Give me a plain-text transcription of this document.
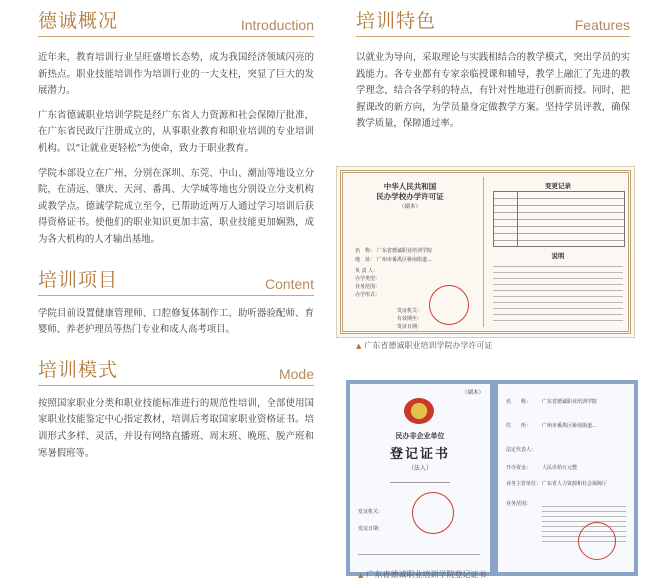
德诚概况	Introduction

近年来，教育培训行业呈旺盛增长态势，成为我国经济领域闪亮的新热点。职业技能培训作为培训行业的一大支柱，突显了巨大的发展潜力。

广东省德诚职业培训学院是经广东省人力资源和社会保障厅批准，在广东省民政厅注册成立的，从事职业教育和职业培训的专业培训机构。以“让就业更轻松”为使命，致力于职业教育。

学院本部设立在广州，分别在深圳、东莞、中山、潮汕等地设立分院，在清远、肇庆、天河、番禺、大学城等地也分别设立分支机构或教学点。德诚学院成立至今，已帮助近两万人通过学习培训后获得资格证书。使他们的职业知识更加丰富，职业技能更加娴熟，成为各大机构的人才输出基地。

培训项目	Content

学院目前设置健康管理师、口腔修复体制作工、助听器验配师、育婴师、养老护理员等热门专业和成人高考项目。

培训模式	Mode

按照国家职业分类和职业技能标准进行的规范性培训，全部使用国家职业技能鉴定中心指定教材，培训后考取国家职业资格证书。培训形式多样、灵活，并设有网络直播班、周末班、晚班、脱产班和寒暑假班等。

培训特色	Features

以就业为导向，采取理论与实践相结合的教学模式，突出学员的实践能力。各专业都有专家亲临授课和辅导，教学上融汇了先进的教学理念，结合各学科的特点，有针对性地进行创新而授。同时，把握课改的新方向，为学员量身定做教学方案。坚持学员评教，确保教学质量，保障通过率。

中华人民共和国
民办学校办学许可证
（副本）
名　称： 广东省德诚职业培训学院
地　址： 广州市番禺区桥南街道...
负 责 人：
办学类型：
业务范围：
办学形式：
发证机关：
有效期至：
发证日期：
变更记录
说明
▲ 广东省德诚职业培训学院办学许可证
（副本）
民办非企业单位
登记证书
（法人）
发证机关：
发证日期：
名　　称： 广东省德诚职业培训学院
住　　所： 广州市番禺区桥南街道...
法定代表人：
开办资金： 人民币拾万元整
业务主管单位： 广东省人力资源和社会保障厅
业务范围：
▲ 广东省德诚职业培训学院登记证书
